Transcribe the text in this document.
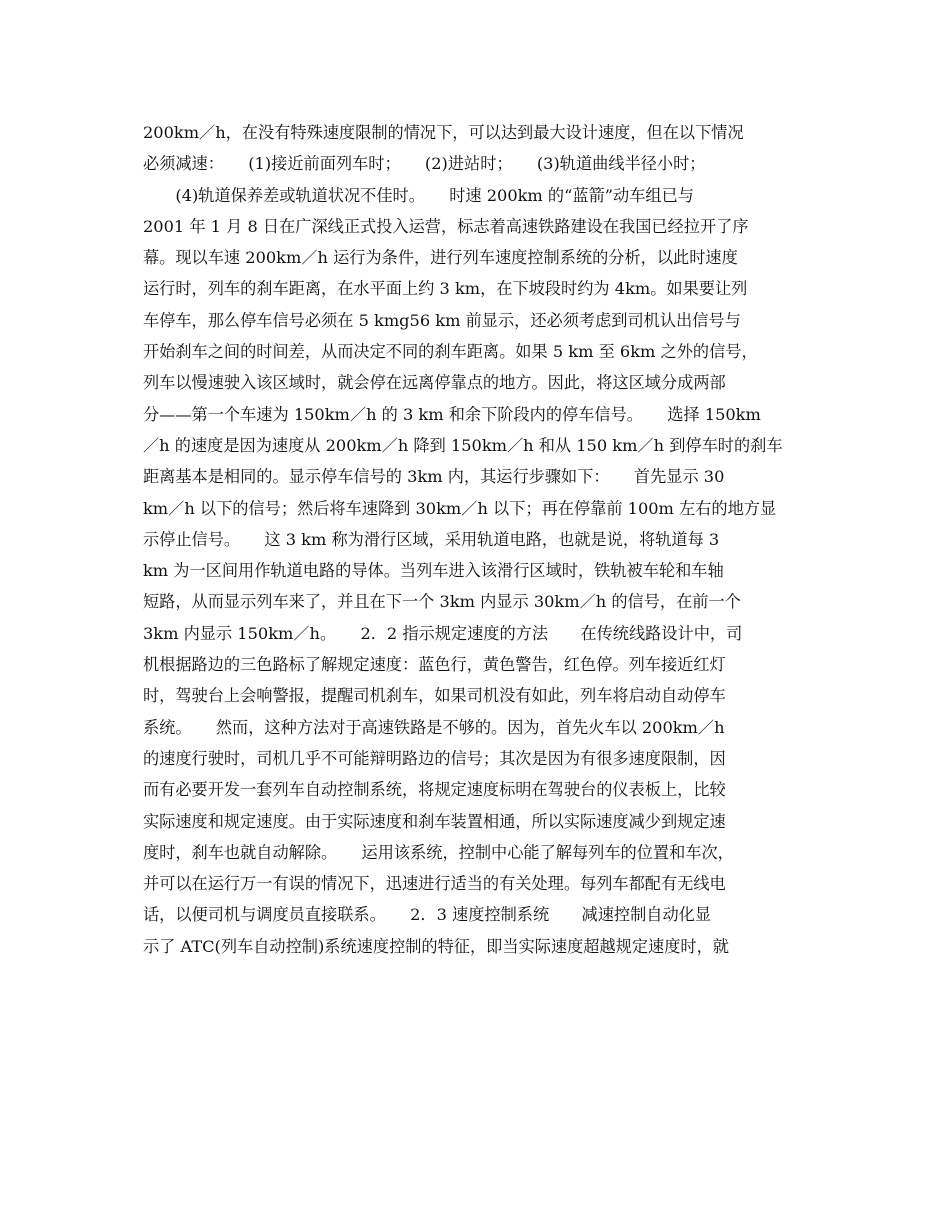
200km／h，在没有特殊速度限制的情况下，可以达到最大设计速度，但在以下情况
必须减速：　　(1)接近前面列车时；　　(2)进站时；　　(3)轨道曲线半径小时；
　　(4)轨道保养差或轨道状况不佳时。　　时速 200km 的“蓝箭”动车组已与
2001 年 1 月 8 日在广深线正式投入运营，标志着高速铁路建设在我国已经拉开了序
幕。现以车速 200km／h 运行为条件，进行列车速度控制系统的分析，以此时速度
运行时，列车的刹车距离，在水平面上约 3 km，在下坡段时约为 4km。如果要让列
车停车，那么停车信号必须在 5 kmg56 km 前显示，还必须考虑到司机认出信号与
开始刹车之间的时间差，从而决定不同的刹车距离。如果 5 km 至 6km 之外的信号，
列车以慢速驶入该区域时，就会停在远离停靠点的地方。因此，将这区域分成两部
分——第一个车速为 150km／h 的 3 km 和余下阶段内的停车信号。　　选择 150km
／h 的速度是因为速度从 200km／h 降到 150km／h 和从 150 km／h 到停车时的刹车
距离基本是相同的。显示停车信号的 3km 内，其运行步骤如下：　　首先显示 30
km／h 以下的信号；然后将车速降到 30km／h 以下；再在停靠前 100m 左右的地方显
示停止信号。　　这 3 km 称为滑行区域，采用轨道电路，也就是说，将轨道每 3
km 为一区间用作轨道电路的导体。当列车进入该滑行区域时，铁轨被车轮和车轴
短路，从而显示列车来了，并且在下一个 3km 内显示 30km／h 的信号，在前一个
3km 内显示 150km／h。　　2．2 指示规定速度的方法　　在传统线路设计中，司
机根据路边的三色路标了解规定速度：蓝色行，黄色警告，红色停。列车接近红灯
时，驾驶台上会响警报，提醒司机刹车，如果司机没有如此，列车将启动自动停车
系统。　　然而，这种方法对于高速铁路是不够的。因为，首先火车以 200km／h
的速度行驶时，司机几乎不可能辩明路边的信号；其次是因为有很多速度限制，因
而有必要开发一套列车自动控制系统，将规定速度标明在驾驶台的仪表板上，比较
实际速度和规定速度。由于实际速度和刹车装置相通，所以实际速度减少到规定速
度时，刹车也就自动解除。　　运用该系统，控制中心能了解每列车的位置和车次，
并可以在运行万一有误的情况下，迅速进行适当的有关处理。每列车都配有无线电
话，以便司机与调度员直接联系。　　2．3 速度控制系统　　减速控制自动化显
示了 ATC(列车自动控制)系统速度控制的特征，即当实际速度超越规定速度时，就
